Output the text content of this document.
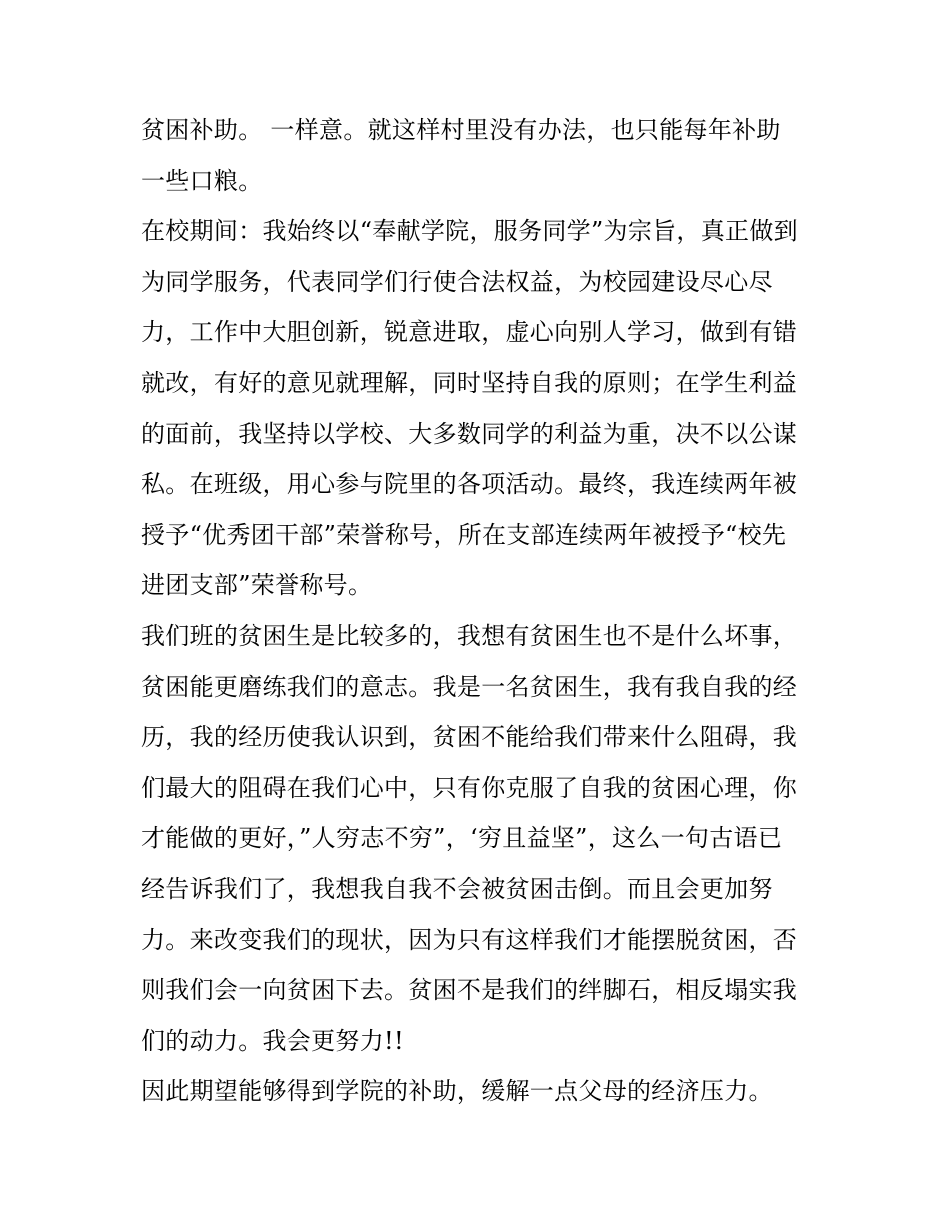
贫困补助。 一样意。就这样村里没有办法，也只能每年补助
一些口粮。
在校期间：我始终以“奉献学院，服务同学”为宗旨，真正做到
为同学服务，代表同学们行使合法权益，为校园建设尽心尽
力，工作中大胆创新，锐意进取，虚心向别人学习，做到有错
就改，有好的意见就理解，同时坚持自我的原则；在学生利益
的面前，我坚持以学校、大多数同学的利益为重，决不以公谋
私。在班级，用心参与院里的各项活动。最终，我连续两年被
授予“优秀团干部”荣誉称号，所在支部连续两年被授予“校先
进团支部”荣誉称号。
我们班的贫困生是比较多的，我想有贫困生也不是什么坏事，
贫困能更磨练我们的意志。我是一名贫困生，我有我自我的经
历，我的经历使我认识到，贫困不能给我们带来什么阻碍，我
们最大的阻碍在我们心中，只有你克服了自我的贫困心理，你
才能做的更好，”人穷志不穷”，‘穷且益坚”，这么一句古语已
经告诉我们了，我想我自我不会被贫困击倒。而且会更加努
力。来改变我们的现状，因为只有这样我们才能摆脱贫困，否
则我们会一向贫困下去。贫困不是我们的绊脚石，相反塌实我
们的动力。我会更努力!!
因此期望能够得到学院的补助，缓解一点父母的经济压力。
